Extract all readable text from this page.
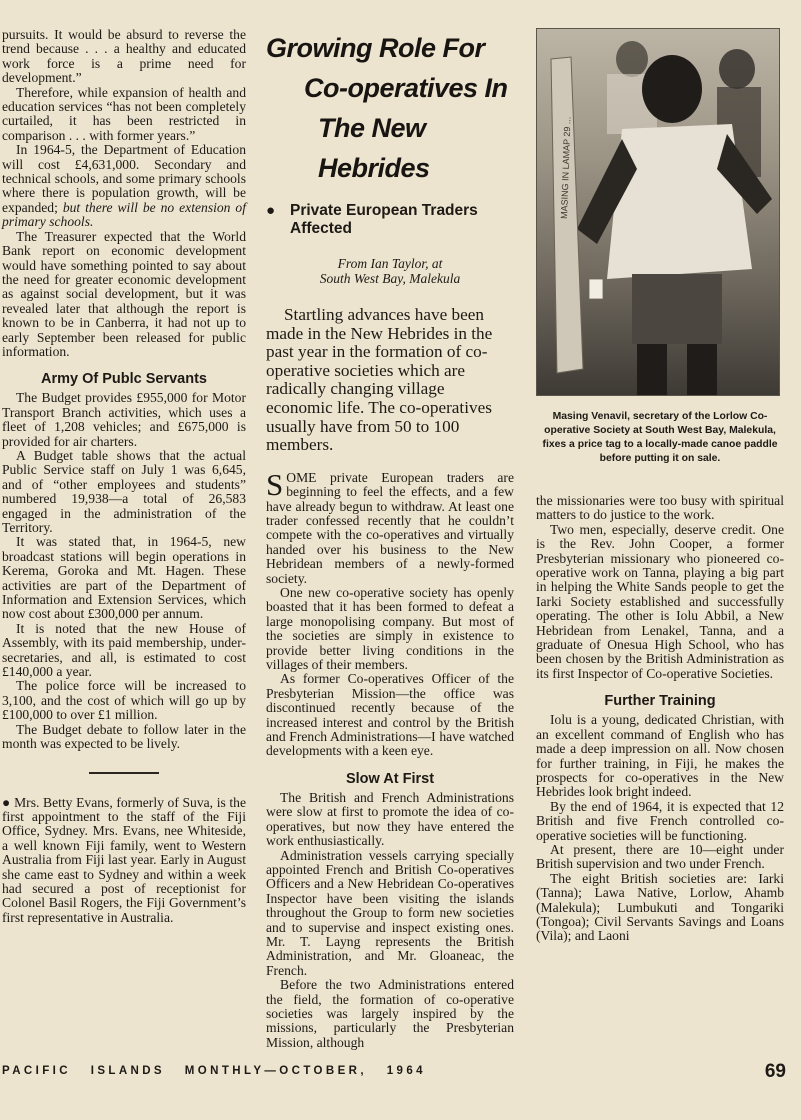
pursuits. It would be absurd to reverse the trend because . . . a healthy and educated work force is a prime need for development.”

Therefore, while expansion of health and education services “has not been completely curtailed, it has been restricted in comparison . . . with former years.”

In 1964-5, the Department of Education will cost £4,631,000. Secondary and technical schools, and some primary schools where there is population growth, will be expanded; but there will be no extension of primary schools.

The Treasurer expected that the World Bank report on economic development would have something pointed to say about the need for greater economic development as against social development, but it was revealed later that although the report is known to be in Canberra, it had not up to early September been released for public information.

Army Of Publc Servants

The Budget provides £955,000 for Motor Transport Branch activities, which uses a fleet of 1,208 vehicles; and £675,000 is provided for air charters.

A Budget table shows that the actual Public Service staff on July 1 was 6,645, and of “other employees and students” numbered 19,938—a total of 26,583 engaged in the administration of the Territory.

It was stated that, in 1964-5, new broadcast stations will begin operations in Kerema, Goroka and Mt. Hagen. These activities are part of the Department of Information and Extension Services, which now cost about £300,000 per annum.

It is noted that the new House of Assembly, with its paid membership, under-secretaries, and all, is estimated to cost £140,000 a year.

The police force will be increased to 3,100, and the cost of which will go up by £100,000 to over £1 million.

The Budget debate to follow later in the month was expected to be lively.

● Mrs. Betty Evans, formerly of Suva, is the first appointment to the staff of the Fiji Office, Sydney. Mrs. Evans, nee Whiteside, a well known Fiji family, went to Western Australia from Fiji last year. Early in August she came east to Sydney and within a week had secured a post of receptionist for Colonel Basil Rogers, the Fiji Government’s first representative in Australia.

Growing Role For
Co-operatives In
The New Hebrides
● Private European Traders Affected
From Ian Taylor, at
South West Bay, Malekula

Startling advances have been made in the New Hebrides in the past year in the formation of co-operative societies which are radically changing village economic life. The co-operatives usually have from 50 to 100 members.

SOME private European traders are beginning to feel the effects, and a few have already begun to withdraw. At least one trader confessed recently that he couldn’t compete with the co-operatives and virtually handed over his business to the New Hebridean members of a newly-formed society.

One new co-operative society has openly boasted that it has been formed to defeat a large monopolising company. But most of the societies are simply in existence to provide better living conditions in the villages of their members.

As former Co-operatives Officer of the Presbyterian Mission—the office was discontinued recently because of the increased interest and control by the British and French Administrations—I have watched developments with a keen eye.

Slow At First

The British and French Administrations were slow at first to promote the idea of co-operatives, but now they have entered the work enthusiastically.

Administration vessels carrying specially appointed French and British Co-operatives Officers and a New Hebridean Co-operatives Inspector have been visiting the islands throughout the Group to form new societies and to supervise and inspect existing ones. Mr. T. Layng represents the British Administration, and Mr. Gloaneac, the French.

Before the two Administrations entered the field, the formation of co-operative societies was largely inspired by the missions, particularly the Presbyterian Mission, although

MASING IN LAMAP 29 ...
Masing Venavil, secretary of the Lorlow Co-operative Society at South West Bay, Malekula, fixes a price tag to a locally-made canoe paddle before putting it on sale.

the missionaries were too busy with spiritual matters to do justice to the work.

Two men, especially, deserve credit. One is the Rev. John Cooper, a former Presbyterian missionary who pioneered co-operative work on Tanna, playing a big part in helping the White Sands people to get the Iarki Society established and successfully operating. The other is Iolu Abbil, a New Hebridean from Lenakel, Tanna, and a graduate of Onesua High School, who has been chosen by the British Administration as its first Inspector of Co-operative Societies.

Further Training

Iolu is a young, dedicated Christian, with an excellent command of English who has made a deep impression on all. Now chosen for further training, in Fiji, he makes the prospects for co-operatives in the New Hebrides look bright indeed.

By the end of 1964, it is expected that 12 British and five French controlled co-operative societies will be functioning.

At present, there are 10—eight under British supervision and two under French.

The eight British societies are: Iarki (Tanna); Lawa Native, Lorlow, Ahamb (Malekula); Lumbukuti and Tongariki (Tongoa); Civil Servants Savings and Loans (Vila); and Laoni

PACIFIC   ISLANDS   MONTHLY—OCTOBER,   1964	69
